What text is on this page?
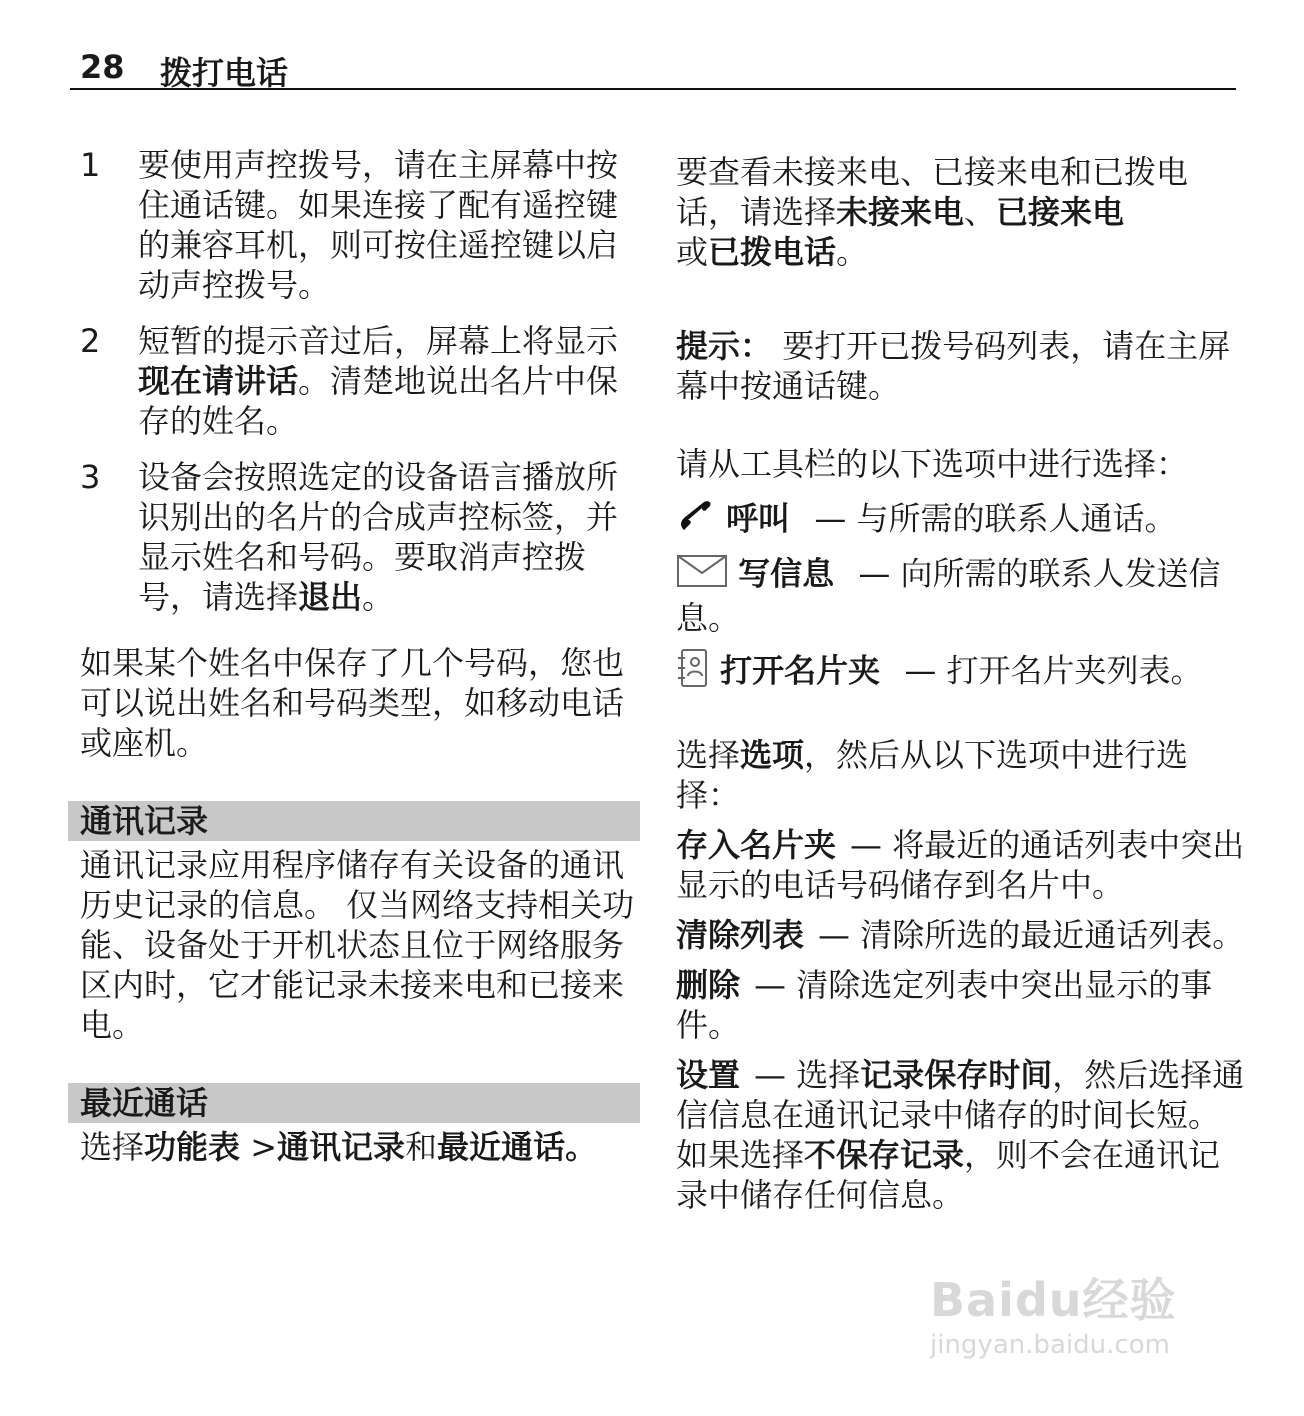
28 拨打电话
1 要使用声控拨号，请在主屏幕中按住通话键。如果连接了配有遥控键的兼容耳机，则可按住遥控键以启动声控拨号。
2 短暂的提示音过后，屏幕上将显示现在请讲话。清楚地说出名片中保存的姓名。
3 设备会按照选定的设备语言播放所识别出的名片的合成声控标签，并显示姓名和号码。要取消声控拨号，请选择退出。

如果某个姓名中保存了几个号码，您也可以说出姓名和号码类型，如移动电话或座机。

通讯记录

通讯记录应用程序储存有关设备的通讯历史记录的信息。 仅当网络支持相关功能、设备处于开机状态且位于网络服务区内时，它才能记录未接来电和已接来电。

最近通话

选择功能表 >通讯记录和最近通话。

要查看未接来电、已接来电和已拨电话，请选择未接来电、已接来电
或已拨电话。

提示： 要打开已拨号码列表，请在主屏幕中按通话键。

请从工具栏的以下选项中进行选择：

呼叫 — 与所需的联系人通话。
写信息 — 向所需的联系人发送信息。
打开名片夹 — 打开名片夹列表。

选择选项，然后从以下选项中进行选择：

存入名片夹 — 将最近的通话列表中突出显示的电话号码储存到名片中。

清除列表 — 清除所选的最近通话列表。

删除 — 清除选定列表中突出显示的事件。

设置 — 选择记录保存时间，然后选择通信信息在通讯记录中储存的时间长短。 如果选择不保存记录，则不会在通讯记录中储存任何信息。

Baidu经验
jingyan.baidu.com
